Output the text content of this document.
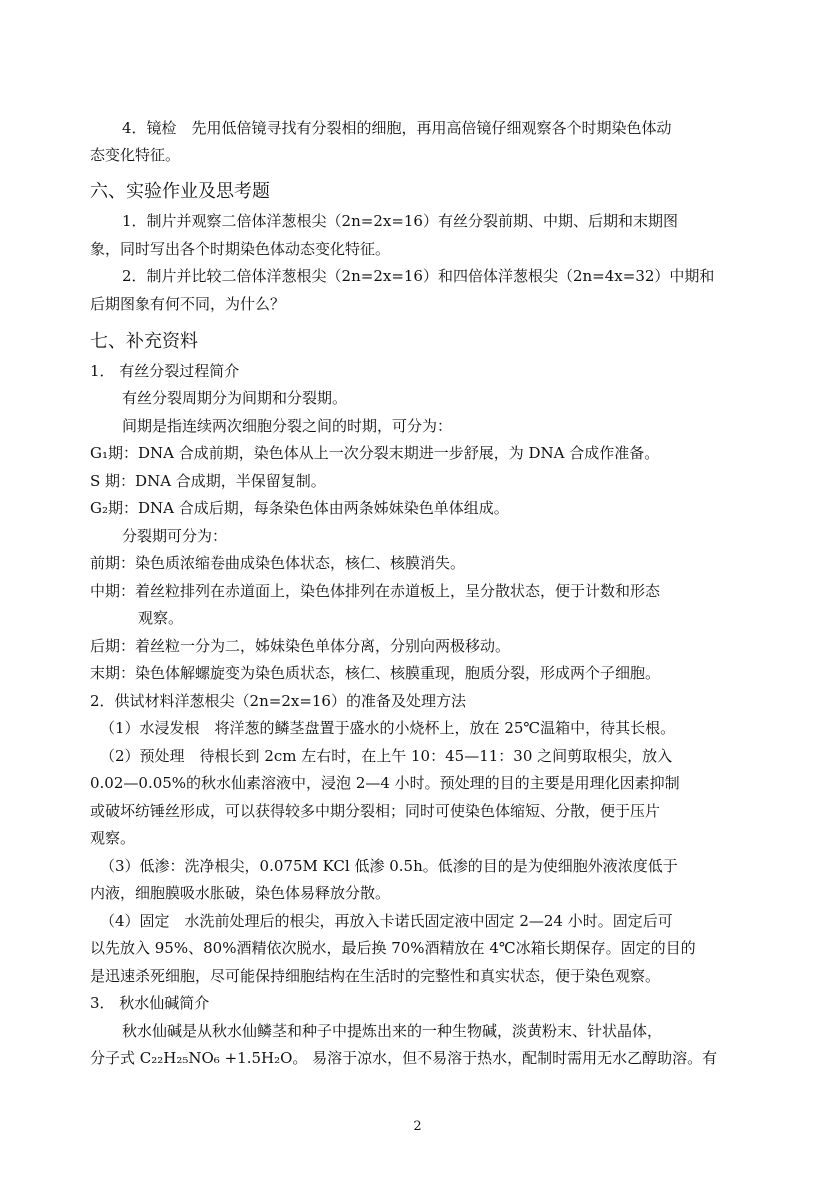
4．镜检　先用低倍镜寻找有分裂相的细胞，再用高倍镜仔细观察各个时期染色体动
态变化特征。
六、实验作业及思考题
1．制片并观察二倍体洋葱根尖（2n=2x=16）有丝分裂前期、中期、后期和末期图
象，同时写出各个时期染色体动态变化特征。
2．制片并比较二倍体洋葱根尖（2n=2x=16）和四倍体洋葱根尖（2n=4x=32）中期和
后期图象有何不同，为什么？
七、补充资料
1． 有丝分裂过程简介
有丝分裂周期分为间期和分裂期。
间期是指连续两次细胞分裂之间的时期，可分为：
G₁期：DNA 合成前期，染色体从上一次分裂末期进一步舒展，为 DNA 合成作准备。
S 期：DNA 合成期，半保留复制。
G₂期：DNA 合成后期，每条染色体由两条姊妹染色单体组成。
分裂期可分为：
前期：染色质浓缩卷曲成染色体状态，核仁、核膜消失。
中期：着丝粒排列在赤道面上，染色体排列在赤道板上，呈分散状态，便于计数和形态
观察。
后期：着丝粒一分为二，姊妹染色单体分离，分别向两极移动。
末期：染色体解螺旋变为染色质状态，核仁、核膜重现，胞质分裂，形成两个子细胞。
2．供试材料洋葱根尖（2n=2x=16）的准备及处理方法
（1）水浸发根　将洋葱的鳞茎盘置于盛水的小烧杯上，放在 25℃温箱中，待其长根。
（2）预处理　待根长到 2cm 左右时，在上午 10：45—11：30 之间剪取根尖，放入
0.02—0.05%的秋水仙素溶液中，浸泡 2—4 小时。预处理的目的主要是用理化因素抑制
或破坏纺锤丝形成，可以获得较多中期分裂相；同时可使染色体缩短、分散，便于压片
观察。
（3）低渗：洗净根尖，0.075M KCl 低渗 0.5h。低渗的目的是为使细胞外液浓度低于
内液，细胞膜吸水胀破，染色体易释放分散。
（4）固定　水洗前处理后的根尖，再放入卡诺氏固定液中固定 2—24 小时。固定后可
以先放入 95%、80%酒精依次脱水，最后换 70%酒精放在 4℃冰箱长期保存。固定的目的
是迅速杀死细胞，尽可能保持细胞结构在生活时的完整性和真实状态，便于染色观察。
3． 秋水仙碱简介
秋水仙碱是从秋水仙鳞茎和种子中提炼出来的一种生物碱，淡黄粉末、针状晶体，
分子式 C₂₂H₂₅NO₆ +1.5H₂O。 易溶于凉水，但不易溶于热水，配制时需用无水乙醇助溶。有
2
